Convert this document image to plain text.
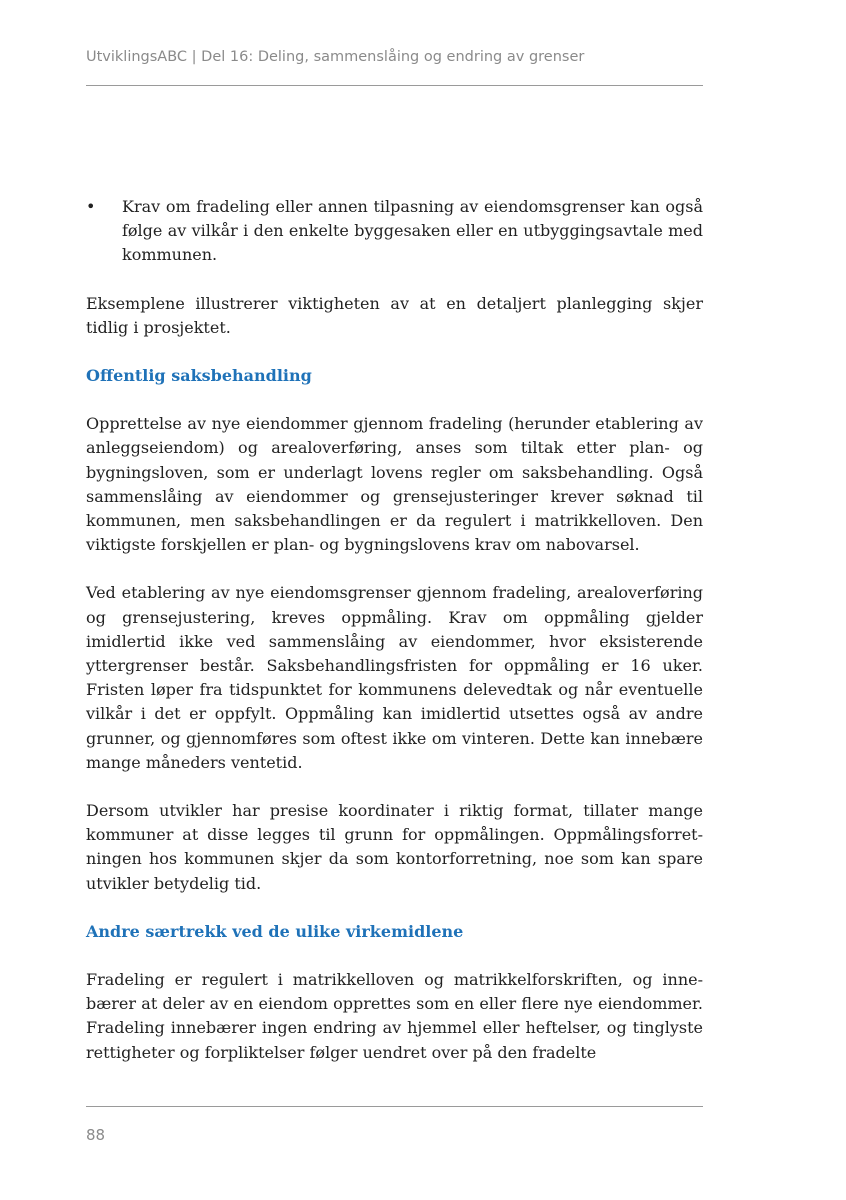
UtviklingsABC | Del 16: Deling, sammenslåing og endring av grenser
•	Krav om fradeling eller annen tilpasning av eiendomsgrenser kan også følge av vilkår i den enkelte byggesaken eller en utbyggingsavtale med kommunen.

Eksemplene illustrerer viktigheten av at en detaljert planlegging skjer tidlig i prosjektet.

Offentlig saksbehandling

Opprettelse av nye eiendommer gjennom fradeling (herunder etablering av anleggseiendom) og arealoverføring, anses som tiltak etter plan- og bygningsloven, som er underlagt lovens regler om saksbehandling. Også sammenslåing av eiendommer og grensejusteringer krever søknad til kommunen, men saksbehandlingen er da regulert i matrikkelloven. Den viktigste forskjellen er plan- og bygningslovens krav om nabovarsel.

Ved etablering av nye eiendomsgrenser gjennom fradeling, arealoverføring og grensejustering, kreves oppmåling. Krav om oppmåling gjelder imidlertid ikke ved sammenslåing av eiendommer, hvor eksisterende yttergrenser består. Saksbehandlingsfristen for oppmåling er 16 uker. Fristen løper fra tidspunktet for kommunens delevedtak og når eventuelle vilkår i det er oppfylt. Oppmåling kan imidlertid utsettes også av andre grunner, og gjennomføres som oftest ikke om vinteren. Dette kan innebære mange måneders ventetid.

Dersom utvikler har presise koordinater i riktig format, tillater mange kommuner at disse legges til grunn for oppmålingen. Oppmålingsforretningen hos kommunen skjer da som kontorforretning, noe som kan spare utvikler betydelig tid.

Andre særtrekk ved de ulike virkemidlene

Fradeling er regulert i matrikkelloven og matrikkelforskriften, og innebærer at deler av en eiendom opprettes som en eller flere nye eiendommer. Fradeling innebærer ingen endring av hjemmel eller heftelser, og tinglyste rettigheter og forpliktelser følger uendret over på den fradelte

88
